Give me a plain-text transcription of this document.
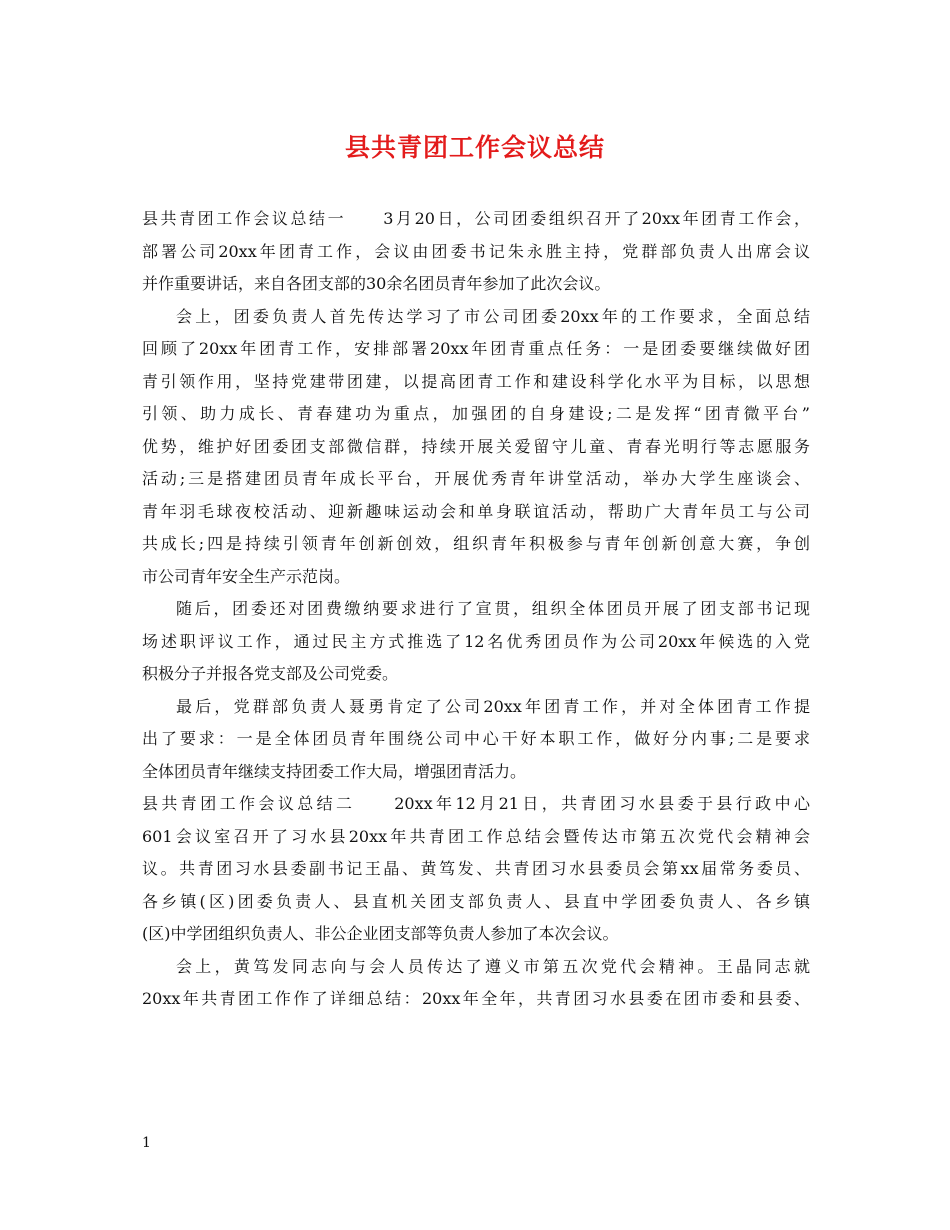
县共青团工作会议总结
县共青团工作会议总结一　　3月20日，公司团委组织召开了20xx年团青工作会，
部署公司20xx年团青工作，会议由团委书记朱永胜主持，党群部负责人出席会议
并作重要讲话，来自各团支部的30余名团员青年参加了此次会议。
会上，团委负责人首先传达学习了市公司团委20xx年的工作要求，全面总结
回顾了20xx年团青工作，安排部署20xx年团青重点任务：一是团委要继续做好团
青引领作用，坚持党建带团建，以提高团青工作和建设科学化水平为目标，以思想
引领、助力成长、青春建功为重点，加强团的自身建设;二是发挥“团青微平台”
优势，维护好团委团支部微信群，持续开展关爱留守儿童、青春光明行等志愿服务
活动;三是搭建团员青年成长平台，开展优秀青年讲堂活动，举办大学生座谈会、
青年羽毛球夜校活动、迎新趣味运动会和单身联谊活动，帮助广大青年员工与公司
共成长;四是持续引领青年创新创效，组织青年积极参与青年创新创意大赛，争创
市公司青年安全生产示范岗。
随后，团委还对团费缴纳要求进行了宣贯，组织全体团员开展了团支部书记现
场述职评议工作，通过民主方式推选了12名优秀团员作为公司20xx年候选的入党
积极分子并报各党支部及公司党委。
最后，党群部负责人聂勇肯定了公司20xx年团青工作，并对全体团青工作提
出了要求：一是全体团员青年围绕公司中心干好本职工作，做好分内事;二是要求
全体团员青年继续支持团委工作大局，增强团青活力。
县共青团工作会议总结二　　20xx年12月21日，共青团习水县委于县行政中心
601会议室召开了习水县20xx年共青团工作总结会暨传达市第五次党代会精神会
议。共青团习水县委副书记王晶、黄笃发、共青团习水县委员会第xx届常务委员、
各乡镇(区)团委负责人、县直机关团支部负责人、县直中学团委负责人、各乡镇
(区)中学团组织负责人、非公企业团支部等负责人参加了本次会议。
会上，黄笃发同志向与会人员传达了遵义市第五次党代会精神。王晶同志就
20xx年共青团工作作了详细总结：20xx年全年，共青团习水县委在团市委和县委、
1
